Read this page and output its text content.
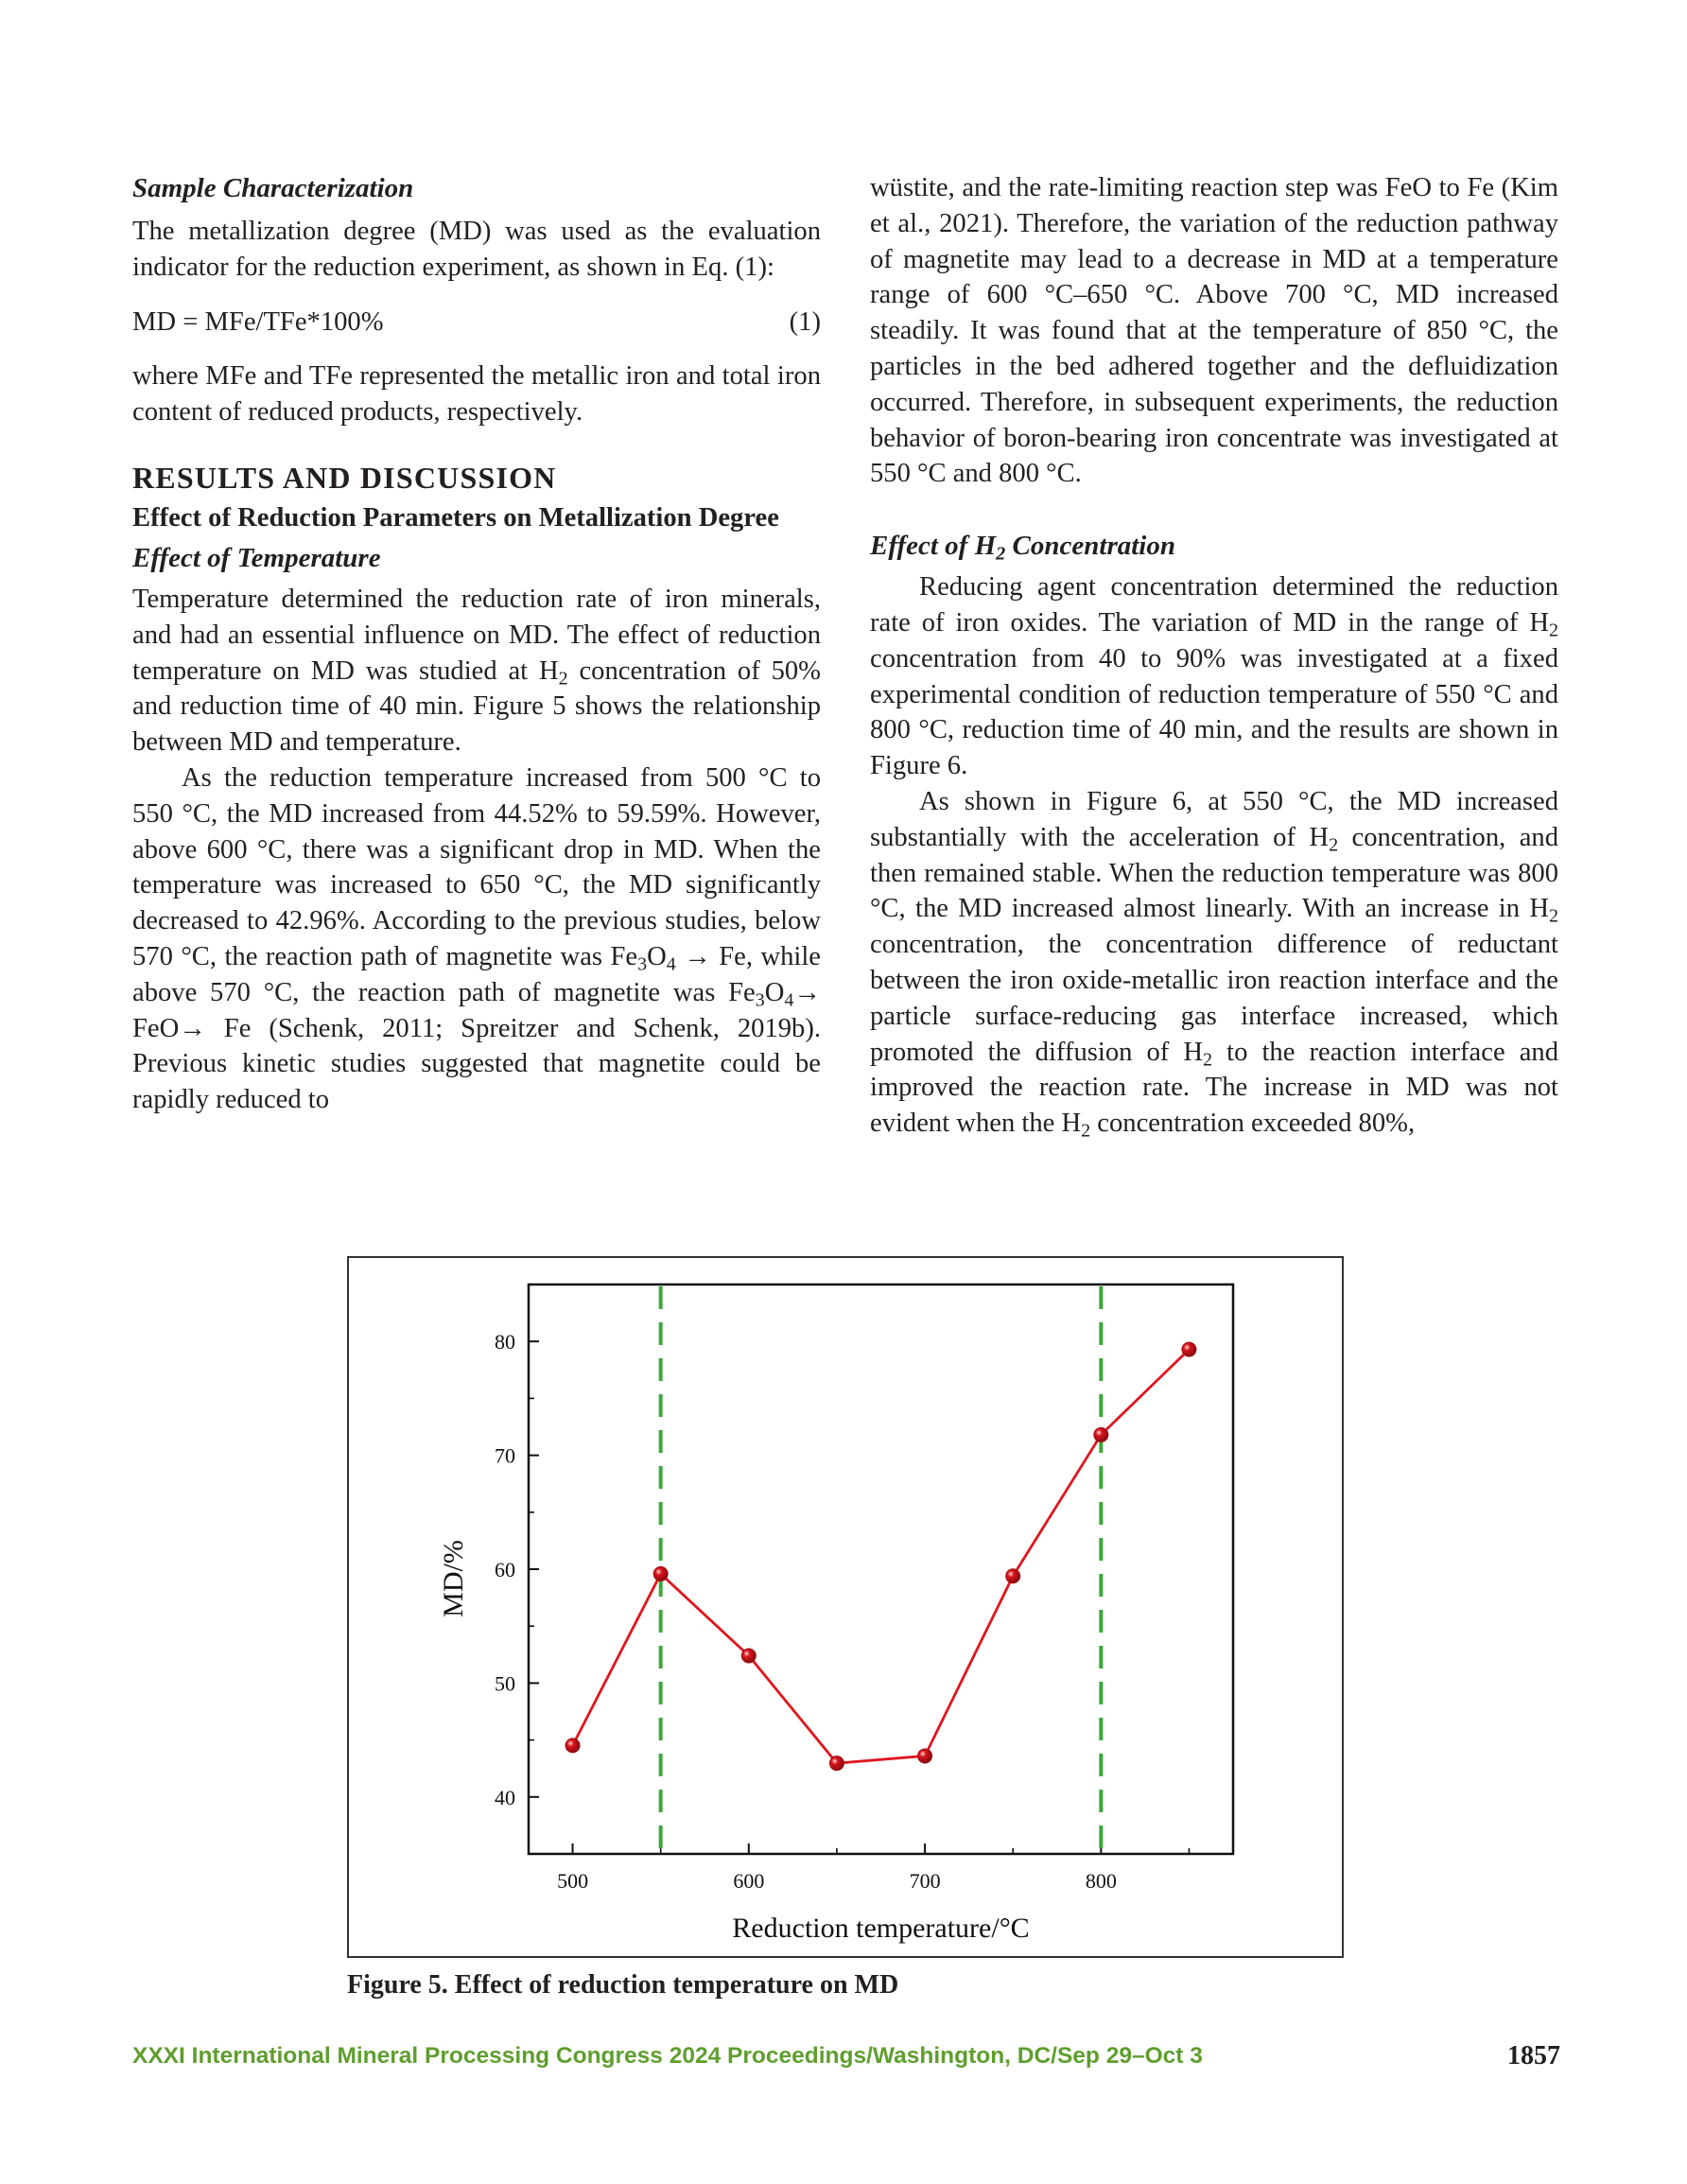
Sample Characterization

The metallization degree (MD) was used as the evaluation indicator for the reduction experiment, as shown in Eq. (1):

MD = MFe/TFe*100%	(1)

where MFe and TFe represented the metallic iron and total iron content of reduced products, respectively.

RESULTS AND DISCUSSION

Effect of Reduction Parameters on Metallization Degree

Effect of Temperature

Temperature determined the reduction rate of iron minerals, and had an essential influence on MD. The effect of reduction temperature on MD was studied at $H_2$ concentration of 50% and reduction time of 40 min. Figure 5 shows the relationship between MD and temperature.

As the reduction temperature increased from 500 °C to 550 °C, the MD increased from 44.52% to 59.59%. However, above 600 °C, there was a significant drop in MD. When the temperature was increased to 650 °C, the MD significantly decreased to 42.96%. According to the previous studies, below 570 °C, the reaction path of magnetite was $Fe_3O_4 \to Fe$, while above 570 °C, the reaction path of magnetite was $Fe_3O_4\to FeO\to Fe$ (Schenk, 2011; Spreitzer and Schenk, 2019b). Previous kinetic studies suggested that magnetite could be rapidly reduced to

wüstite, and the rate-limiting reaction step was FeO to Fe (Kim et al., 2021). Therefore, the variation of the reduction pathway of magnetite may lead to a decrease in MD at a temperature range of 600 °C–650 °C. Above 700 °C, MD increased steadily. It was found that at the temperature of 850 °C, the particles in the bed adhered together and the defluidization occurred. Therefore, in subsequent experiments, the reduction behavior of boron-bearing iron concentrate was investigated at 550 °C and 800 °C.

Effect of $H_2$ Concentration

Reducing agent concentration determined the reduction rate of iron oxides. The variation of MD in the range of $H_2$ concentration from 40 to 90% was investigated at a fixed experimental condition of reduction temperature of 550 °C and 800 °C, reduction time of 40 min, and the results are shown in Figure 6.

As shown in Figure 6, at 550 °C, the MD increased substantially with the acceleration of $H_2$ concentration, and then remained stable. When the reduction temperature was 800 °C, the MD increased almost linearly. With an increase in $H_2$ concentration, the concentration difference of reductant between the iron oxide-metallic iron reaction interface and the particle surface-reducing gas interface increased, which promoted the diffusion of $H_2$ to the reaction interface and improved the reaction rate. The increase in MD was not evident when the $H_2$ concentration exceeded 80%,

40
50
60
70
80
500	600	700	800
Reduction temperature/°C
MD/%
Figure 5. Effect of reduction temperature on MD
XXXI International Mineral Processing Congress 2024 Proceedings/Washington, DC/Sep 29–Oct 3	1857
